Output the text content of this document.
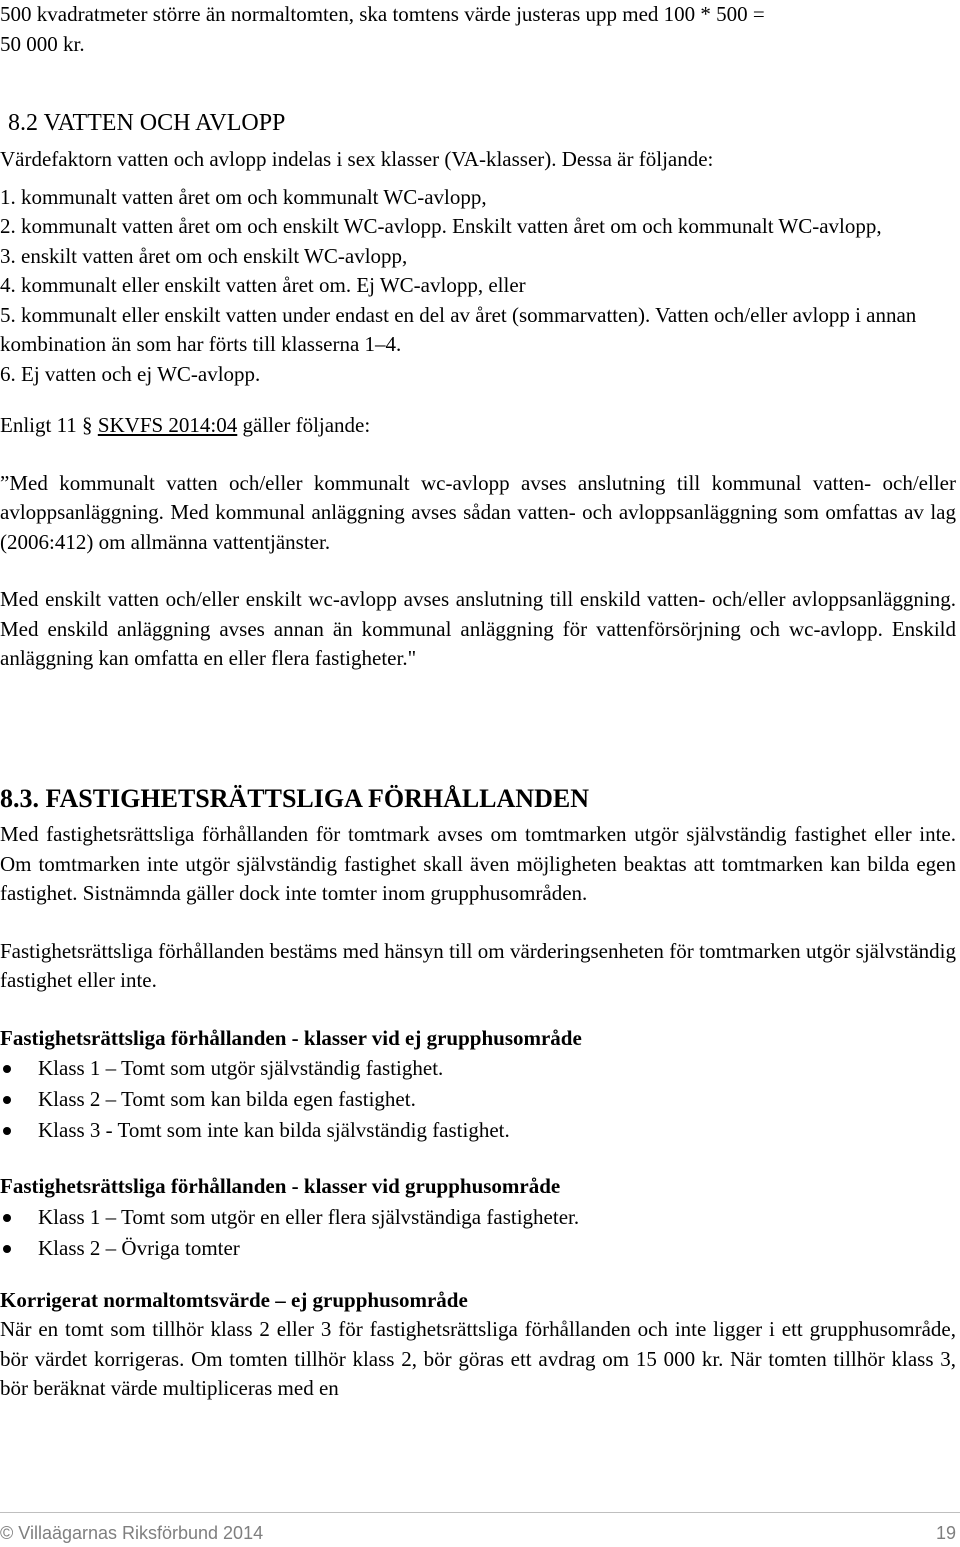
500 kvadratmeter större än normaltomten, ska tomtens värde justeras upp med 100 * 500 =

50 000 kr.

8.2 VATTEN OCH AVLOPP

Värdefaktorn vatten och avlopp indelas i sex klasser (VA-klasser). Dessa är följande:

1. kommunalt vatten året om och kommunalt WC-avlopp,

2. kommunalt vatten året om och enskilt WC-avlopp. Enskilt vatten året om och kommunalt WC-avlopp,

3. enskilt vatten året om och enskilt WC-avlopp,

4. kommunalt eller enskilt vatten året om. Ej WC-avlopp, eller

5. kommunalt eller enskilt vatten under endast en del av året (sommarvatten). Vatten och/eller avlopp i annan kombination än som har förts till klasserna 1–4.

6. Ej vatten och ej WC-avlopp.

Enligt 11 § SKVFS 2014:04 gäller följande:

”Med kommunalt vatten och/eller kommunalt wc-avlopp avses anslutning till kommunal vatten- och/eller avloppsanläggning. Med kommunal anläggning avses sådan vatten- och avloppsanläggning som omfattas av lag (2006:412) om allmänna vattentjänster.

Med enskilt vatten och/eller enskilt wc-avlopp avses anslutning till enskild vatten- och/eller avloppsanläggning. Med enskild anläggning avses annan än kommunal anläggning för vattenförsörjning och wc-avlopp. Enskild anläggning kan omfatta en eller flera fastigheter."

8.3. FASTIGHETSRÄTTSLIGA FÖRHÅLLANDEN

Med fastighetsrättsliga förhållanden för tomtmark avses om tomtmarken utgör självständig fastighet eller inte. Om tomtmarken inte utgör självständig fastighet skall även möjligheten beaktas att tomtmarken kan bilda egen fastighet. Sistnämnda gäller dock inte tomter inom grupphusområden.

Fastighetsrättsliga förhållanden bestäms med hänsyn till om värderingsenheten för tomtmarken utgör självständig fastighet eller inte.

Fastighetsrättsliga förhållanden - klasser vid ej grupphusområde

Klass 1 – Tomt som utgör självständig fastighet.
Klass 2 – Tomt som kan bilda egen fastighet.
Klass 3 - Tomt som inte kan bilda självständig fastighet.

Fastighetsrättsliga förhållanden - klasser vid grupphusområde

Klass 1 – Tomt som utgör en eller flera självständiga fastigheter.
Klass 2 – Övriga tomter

Korrigerat normaltomtsvärde – ej grupphusområde

När en tomt som tillhör klass 2 eller 3 för fastighetsrättsliga förhållanden och inte ligger i ett grupphusområde, bör värdet korrigeras. Om tomten tillhör klass 2, bör göras ett avdrag om 15 000 kr. När tomten tillhör klass 3, bör beräknat värde multipliceras med en

© Villaägarnas Riksförbund 2014	19
